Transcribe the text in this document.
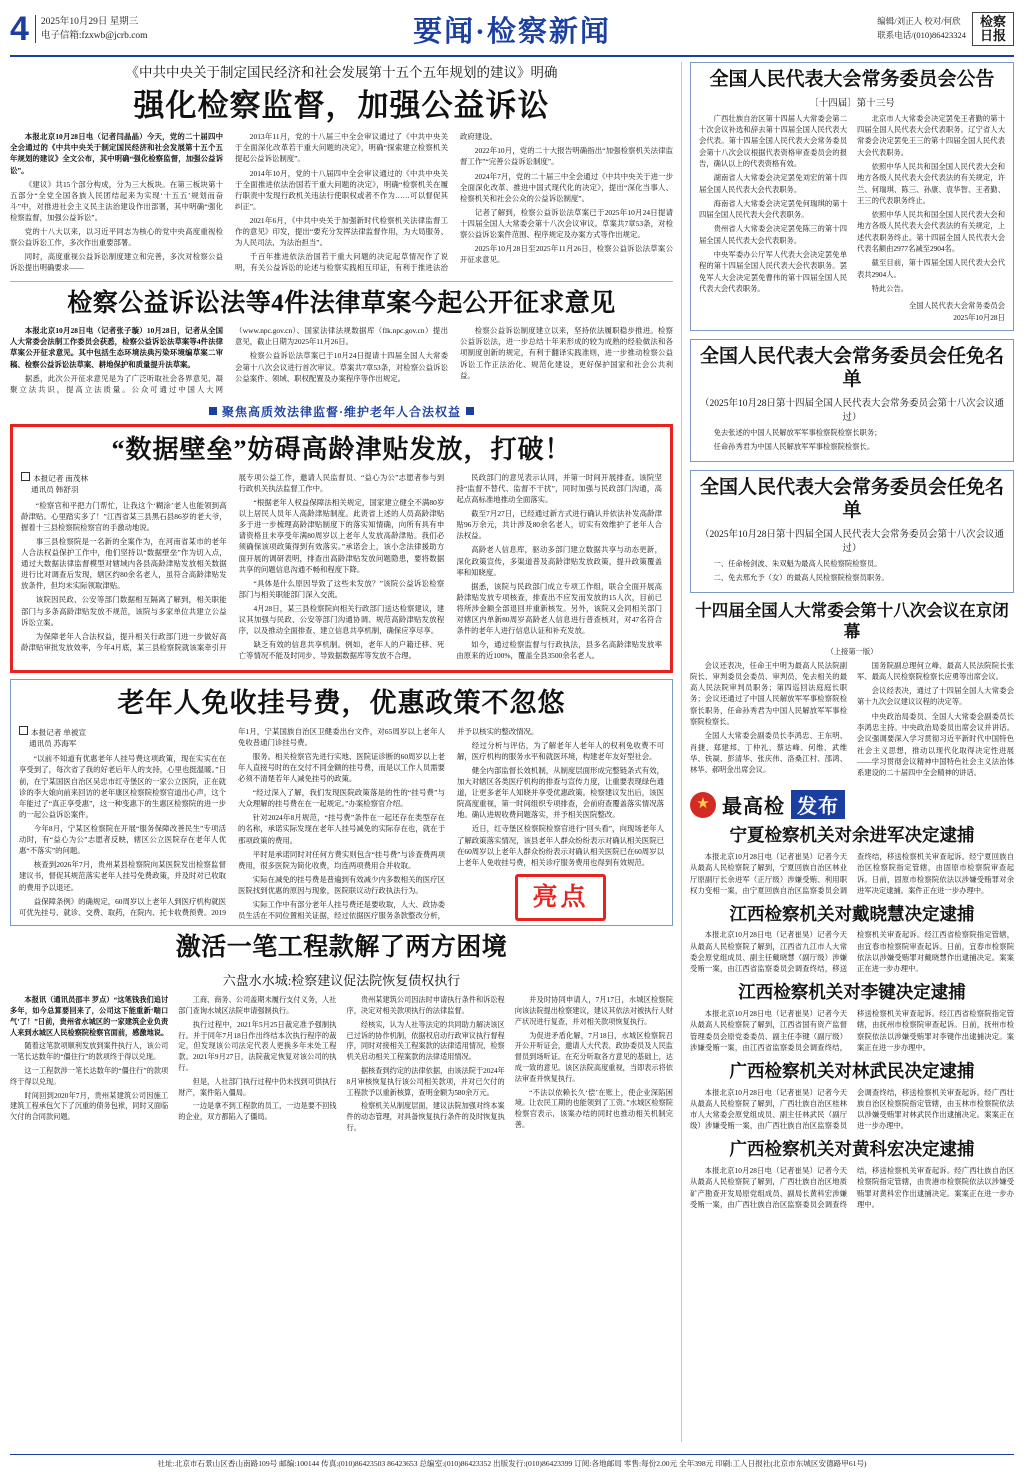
4 2025年10月29日 星期三
电子信箱:fzxwb@jcrb.com	要闻·检察新闻	编辑/刘正人 校对/何欣
联系电话/(010)86423324
检察日报
《中共中央关于制定国民经济和社会发展第十五个五年规划的建议》明确
强化检察监督，加强公益诉讼

本报北京10月28日电（记者闫晶晶）今天，党的二十届四中全会通过的《中共中央关于制定国民经济和社会发展第十五个五年规划的建议》全文公布，其中明确“强化检察监督，加强公益诉讼”。

《建议》共15个部分构成，分为三大板块。在第三板块第十五部分“全党全国各族人民团结起来为实现‘十五五’规划而奋斗”中，对推进社会主义民主法治建设作出部署，其中明确“强化检察监督，加强公益诉讼”。

党的十八大以来，以习近平同志为核心的党中央高度重视检察公益诉讼工作，多次作出重要部署。

同时，高度重视公益诉讼制度建立和完善，多次对检察公益诉讼提出明确要求——

2013年11月，党的十八届三中全会审议通过了《中共中央关于全面深化改革若干重大问题的决定》，明确“探索建立检察机关提起公益诉讼制度”。

2014年10月，党的十八届四中全会审议通过的《中共中央关于全面推进依法治国若干重大问题的决定》，明确“检察机关在履行职责中发现行政机关违法行使职权或者不作为……可以督促其纠正”。

2021年6月，《中共中央关于加强新时代检察机关法律监督工作的意见》印发，提出“要充分发挥法律监督作用，为大局服务、为人民司法、为法治担当”。

千百年推进依法治国若干重大问题的决定起草情况作了说明，有关公益诉讼的论述与检察实践相互印证，有利于推进法治政府建设。

2022年10月，党的二十大报告明确指出“加强检察机关法律监督工作”“完善公益诉讼制度”。

2024年7月，党的二十届三中全会通过《中共中央关于进一步全面深化改革、推进中国式现代化的决定》，提出“深化当事人、检察机关和社会公众的公益诉讼制度”。

记者了解到，检察公益诉讼法草案已于2025年10月24日提请十四届全国人大常委会第十八次会议审议。草案共7章53条，对检察公益诉讼案件范围、程序规定及办案方式等作出规定。

2025年10月28日至2025年11月26日，检察公益诉讼法草案公开征求意见。

检察公益诉讼法等4件法律草案今起公开征求意见

本报北京10月28日电（记者张子璇）10月28日，记者从全国人大常委会法制工作委员会获悉，检察公益诉讼法草案等4件法律草案公开征求意见。其中包括生态环境法典污染环境编草案二审稿、检察公益诉讼法草案、耕地保护和质量提升法草案。

据悉，此次公开征求意见是为了广泛听取社会各界意见、凝聚立法共识，提高立法质量。公众可通过中国人大网（www.npc.gov.cn）、国家法律法规数据库（flk.npc.gov.cn）提出意见，截止日期为2025年11月26日。

检察公益诉讼法草案已于10月24日提请十四届全国人大常委会第十八次会议进行首次审议。草案共7章53条，对检察公益诉讼公益案件、领域、职权配置及办案程序等作出规定。

检察公益诉讼制度建立以来，坚持依法履职稳步推进。检察公益诉讼法，进一步总结十年来形成的较为成熟的经验做法和各项制度创新的规定，有利于翻译实践准则，进一步推动检察公益诉讼工作正法治化、规范化建设，更好保护国家和社会公共利益。

聚焦高质效法律监督·维护老年人合法权益
“数据壁垒”妨碍高龄津贴发放，打破！
本报记者 南茂林
通讯员 韩舒羽

“检察官和平把力门帮忙，让我这个‘糊涂’老人也能领到高龄津贴。心里踏实多了！”江西省某三县黑石县86岁的老大爷，握着十三县检察院检察官的手激动地说。

事三县检察院是一名新的全案作为，在河南省某市的老年人合法权益保护工作中，他们坚持以“数据壁垒”作为切入点，通过大数据法律监督模型对辖域内各县高龄津贴发放相关数据进行比对调查后发现，辖区约80余名老人，虽符合高龄津贴发放条件，但均未实际领取津贴。

该院因民政、公安等部门数据相互隔离了解到，相关职能部门与多条高龄津贴发放不规范，该院与多家单位共建立公益诉讼立案。

为保障老年人合法权益，提升相关行政部门进一步做好高龄津贴审批发放效率，今年4月底，某三县检察院就该案牵引开展专项公益工作，邀请人民监督员、“益心为公”志愿者参与到行政机关执法监督工作中。

“根据老年人权益保障法相关规定，国家建立健全不满80岁以上居民人员年人高龄津贴制度。此责省上述的人员高龄津贴多于进一步梳理高龄津贴制度下的落实知情确，向所有具有申请资格且未享受年满80周岁以上老年人发放高龄津贴。我们必须确保该项政策得到有效落实。”承诺会上，该小念法律援助方面开展的调研表明，排查出高龄津贴发放问题隐患，要将数据共享的问题信息沟通不畅和程度下降。

“具体是什么原因导致了这些未发放？”该院公益诉讼检察部门与相关职能部门深入交流。

4月28日，某三县检察院向相关行政部门送达检察建议，建议其加强与民政、公安等部门沟通协调、规范高龄津贴发放程序，以及推动全面排查、建立信息共享机制，确保应享尽享。

缺乏有效的信息共享机制。例如，老年人的户籍迁移、死亡等情况不能及时同步、导致据数据库等发放不合理。

民政部门的意见表示认同，并第一时间开展排查。该院坚持“监督不替代、监督不干扰”，同时加强与民政部门沟通，高起点高标准地推动全面落实。

截至7月27日，已经通过新方式进行确认并依法补发高龄津贴96万余元，共计涉及80余名老人，切实有效维护了老年人合法权益。

高龄老人信息库，驱动多部门建立数据共享与动态更新，深化政策宣传，多渠道普及高龄津贴发放政策，提升政策覆盖率和知晓度。

据悉，该院与民政部门成立专项工作组，联合全面开展高龄津贴发放专项核查，排查出不应发而发放的15人次，目前已将所涉金额全部退回并重新核发。另外，该院又会同相关部门对辖区内单新80周岁高龄老人信息进行普查核对，对47名符合条件的老年人进行信息认证和补充发放。

如今，通过检察监督与行政执法，县多名高龄津贴发放率由原来的近100%，覆盖全县3500余名老人。

老年人免收挂号费，优惠政策不忽悠
本报记者 单被宣
通讯员 苏海军

“以前不知道有优惠老年人挂号费这项政策，现在实实在在享受到了，每次省了我的好老后年人的支持，心里也挺温暖。”日前，在宁某国医自治区吴忠市红寺堡区的一家公立医院，正在就诊的李大娘向前来回访的老年康区检察院检察官道出心声，这个年能过了“真正享受惠”，这一种变惠下的生惠区检察院的进一步的一起公益诉讼案件。

今年8月，宁某区检察院在开展“服务保障改善民生”专项活动时，有“益心为公”志愿者反映，辖区公立医院存在老年人优惠“不落实”的问题。

核查到2026年7月，贵州某县检察院向某医院发出检察监督建议书，督促其规范落实老年人挂号免费政策，并及时对已收取的费用予以退还。

益保障条例》的确规定，60周岁以上老年人到医疗机构就医可优先挂号、就诊、交费、取药，在院内、托卡收费预费。2019年1月，宁某国族自治区卫健委出台文件，对65周岁以上老年人免收普通门诊挂号费。

服务。相关检察官先进行实地、医院证诊断的60周岁以上老年人直接号时的在交付不同金额的挂号费，而是以工作人员需要必须不清楚若年人减免挂号的政策。

“经过深入了解，我们发现医院政策落是的性的“挂号费”与大众理解的挂号费在在一起规定。”办案检察官介绍。

针对2024年8月规范，“挂号费”条件在一起还存在类型存在的名称，承诺实际发现在老年人挂号减免的实际存在也，就在于那项政策的费用。

平时是承诺同时对任何方费实则包含“挂号费”与诊查费两项费用，很多医院为简化收费，均连两项费用合并收取。

实际在减免的挂号费是普遍到有效减少内多数相关的医疗区医院找到优惠的原因与现象，医院联议动行政执法行为。

实际工作中有部分老年人挂号费还是要收取，人大、政协委员生活在不同位置相关证据，经过依据医疗服务条款整改分析，并予以核实的整改情况。

经过分析与评估，为了解老年人老年人的权利免收费不可解，医疗机构的服务水平和就医环境，构建老年友好型社会。

健全内部监督长效机制，从制度层面形成完整链条式有效，加大对辖区各类医疗机构的排查与宣传力度，让重要表现绿色通道，让更多老年人知晓并享受优惠政策。检察建议发出后，该医院高度重视，第一时间组织专项排查，会前府查覆盖落实情况落地。确认进规收费问题落实，并予相关医院整改。

近日，红寺堡区检察院检察官进行“回头看”，向现场老年人了解政策落实情况，该县老年人群众纷纷表示对确认相关医院已在60周岁以上老年人群众纷纷表示对确认相关医院已在60周岁以上老年人免收挂号费，相关诊疗服务费用也得到有效规范。

亮点
激活一笔工程款解了两方困境
六盘水水城:检察建议促法院恢复债权执行

本报讯（通讯员邵丰 罗点）“这笔钱我们追讨多年，如今总算要回来了，公司这下能重新‘喘口气’了！”日前，贵州省水城区的一家建筑企业负责人来到水城区人民检察院检察官面前，感激地说。

随着这笔款项顺利发放到案件执行人，该公司一笔长达数年的“僵住行”的款项终于得以兑现。

这一工程款涉一笔长达数年的“僵住行”的款项终于得以兑现。

时间回到2020年7月，贵州某建筑公司因施工建筑工程承包欠下了沉重的债务包袱，同时又面临欠付的合同款问题。

工商、商务、公司盖期未履行支付义务，人社部门查询水城区法院申请强制执行。

执行过程中，2021年5月25日裁定准予强制执行。并于同年7月18日作出终结本次执行程序的裁定，但发现该公司法定代表人更换多年未处工程款。2021年9月27日，法院裁定恢复对该公司的执行。

但是，人社部门执行过程中仍未找到可供执行财产，案件陷入僵局。

一边是拿不到工程款的员工，一边是要不回钱的企业，双方都陷入了僵局。

贵州某建筑公司因法时申请执行条件和诉讼程序，决定对相关款项执行的法律监督。

经核实，认为人社等法定的共同助力解决该区已过诉的协作机制，依据权启动行政审议执行督程序，同时对接相关工程案款的法律适用情况，检察机关启动相关工程案款的法律适用情况。

据核查到约定的法律依据，由该法院于2024年8月审核恢复执行该公司相关款项，并对已欠付的工程款予以重新核算，查明金额为580余万元。

检察机关从制度层面，建议法院加强对终本案件的动态管理，对具备恢复执行条件的及时恢复执行。

并及时协同申请人，7月17日，水城区检察院向该法院提出检察建议，建议其依法对被执行人财产状况进行复查，并对相关款项恢复执行。

为促进矛盾化解，7月18日，水城区检察院召开公开听证会，邀请人大代表、政协委员及人民监督员到场听证。在充分听取各方意见的基础上，达成一致的意见。该区法院高度重视，当即表示将依法审查并恢复执行。

“不法以依赖长久‘偿’在账上，使企业深陷困境。让农民工期的也能领到了工资。”水城区检察院检察官表示，该案办结的同时也推动相关机制完善。

全国人民代表大会常务委员会公告
〔十四届〕第十三号

广西壮族自治区第十四届人大常委会第二十次会议补选和辞去第十四届全国人民代表大会代表。第十四届全国人民代表大会常务委员会第十八次会议根据代表资格审查委员会的报告，确认以上的代表资格有效。

湖南省人大常委会决定罢免刘宏的第十四届全国人民代表大会代表职务。

海南省人大常委会决定罢免何瑞琪的第十四届全国人民代表大会代表职务。

贵州省人大常委会决定罢免陈三的第十四届全国人民代表大会代表职务。

中央军委办公厅军人代表大会决定罢免单程的第十四届全国人民代表大会代表职务。罢免军人大会决定罢免曹伟的第十四届全国人民代表大会代表职务。

北京市人大常委会决定罢免王者勤的第十四届全国人民代表大会代表职务。辽宁省人大常委会决定罢免王三的第十四届全国人民代表大会代表职务。

依照中华人民共和国全国人民代表大会和地方各级人民代表大会代表法的有关规定，许兰、何瑞琪、陈三、孙康、袁华智、王者勤、王三的代表职务终止。

依照中华人民共和国全国人民代表大会和地方各级人民代表大会代表法的有关规定，上述代表职务终止。第十四届全国人民代表大会代表名额由2977名减至2904名。

截至目前，第十四届全国人民代表大会代表共2904人。

特此公告。

全国人民代表大会常务委员会
2025年10月28日
全国人民代表大会常务委员会任免名单
（2025年10月28日第十四届全国人民代表大会常务委员会第十八次会议通过）

免去张述的中国人民解放军军事检察院检察长职务；

任命孙秀君为中国人民解放军军事检察院检察长。

全国人民代表大会常务委员会任免名单
（2025年10月28日第十四届全国人民代表大会常务委员会第十八次会议通过）

一、任命杨剑波、朱双魁为最高人民检察院检察员。

二、免去邢允予（女）的最高人民检察院检察员职务。

十四届全国人大常委会第十八次会议在京闭幕
（上接第一版）

会议还表决，任命王中明为最高人民法院副院长、审判委员会委员、审判员，免去相关的最高人民法院审判员职务；第四巡回法庭庭长职务；会议还通过了中国人民解放军军事检察院检察长职务，任命孙秀君为中国人民解放军军事检察院检察长。

全国人大常委会副委员长李鸿忠、王东明、肖捷、郑建邦、丁仲礼、蔡达峰、何维、武维华、铁凝、彭清华、张庆伟、洛桑江村、邵鸿、林华、郝明金出席会议。

国务院副总理何立峰、最高人民法院院长张军、最高人民检察院检察长应勇等出席会议。

会议经表决，通过了十四届全国人大常委会第十九次会议建议议程的决定等。

中央政治局委员、全国人大常委会副委员长李鸿忠主持。中央政治局委员出席会议并讲话。会议强调要深入学习贯彻习近平新时代中国特色社会主义思想，推动以现代化取得决定性进展——学习贯彻会议精神中国特色社会主义法治体系建设的二十届四中全会精神的讲话。

★
最高检 发布
宁夏检察机关对余进军决定逮捕

本报北京10月28日电（记者崔昊）记者今天从最高人民检察院了解到，宁夏回族自治区林业厅原副厅长余进军（正厅级）涉嫌受贿、利用职权力变相一案，由宁夏回族自治区监察委员会调查终结，移送检察机关审查起诉。经宁夏回族自治区检察院指定管辖，由固原市检察院审查起诉。日前，固原市检察院依法以涉嫌受贿罪对余进军决定逮捕。案件正在进一步办理中。

江西检察机关对戴晓慧决定逮捕

本报北京10月28日电（记者崔昊）记者今天从最高人民检察院了解到，江西省九江市人大常委会原党组成员、副主任戴晓慧（副厅级）涉嫌受贿一案，由江西省监察委员会调查终结，移送检察机关审查起诉。经江西省检察院指定管辖，由宜春市检察院审查起诉。日前，宜春市检察院依法以涉嫌受贿罪对戴晓慧作出逮捕决定。案案正在进一步办理中。

江西检察机关对李键决定逮捕

本报北京10月28日电（记者崔昊）记者今天从最高人民检察院了解到，江西省国有资产监督管理委员会原党委委员、副主任李键（副厅级）涉嫌受贿一案，由江西省监察委员会调查终结，移送检察机关审查起诉。经江西省检察院指定管辖，由抚州市检察院审查起诉。日前，抚州市检察院依法以涉嫌受贿罪对李键作出逮捕决定。案案正在进一步办理中。

广西检察机关对林武民决定逮捕

本报北京10月28日电（记者崔昊）记者今天从最高人民检察院了解到，广西壮族自治区桂林市人大常委会原党组成员、副主任林武民（副厅级）涉嫌受贿一案，由广西壮族自治区监察委员会调查终结，移送检察机关审查起诉。经广西壮族自治区检察院指定管辖，由玉林市检察院依法以涉嫌受贿罪对林武民作出逮捕决定。案案正在进一步办理中。

广西检察机关对黄科宏决定逮捕

本报北京10月28日电（记者崔昊）记者今天从最高人民检察院了解到，广西壮族自治区地质矿产勘查开发局原党组成员、副局长黄科宏涉嫌受贿一案，由广西壮族自治区监察委员会调查终结，移送检察机关审查起诉。经广西壮族自治区检察院指定管辖，由贵港市检察院依法以涉嫌受贿罪对黄科宏作出逮捕决定。案案正在进一步办理中。

社址:北京市石景山区香山南路109号 邮编:100144 传真:(010)86423503 86423653 总编室:(010)86423352 出版发行:(010)86423399 订阅:各地邮局 零售:每份2.00元 全年398元 印刷:工人日报社(北京市东城区安德路甲61号)
